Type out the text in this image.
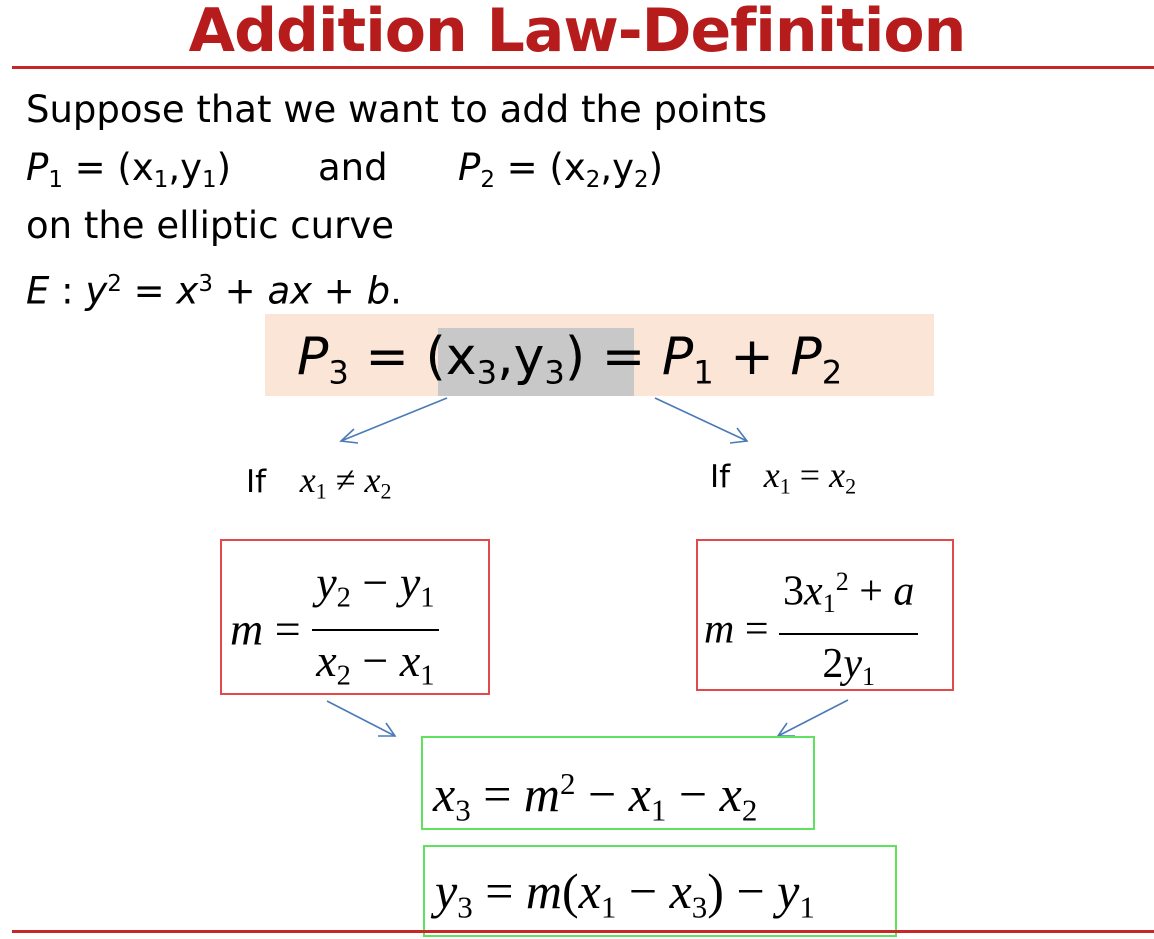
Addition Law-Definition
Suppose that we want to add the points
$P_1 = (x_1,y_1)$ and $P_2 = (x_2,y_2)$
on the elliptic curve
E : $y^2 = x^3$ + ax + b.
$P_3 = (x_3,y_3) = P_1 + P_2$
If $x_1 \ne x_2$	If $x_1 = x_2$
$m = \frac{y_2 - y_1}{x_2 - x_1}$	$m = \frac{3x_1^2 + a}{2y_1}$
$x_3 = m^2 - x_1 - x_2$
$y_3 = m(x_1 - x_3) - y_1$
